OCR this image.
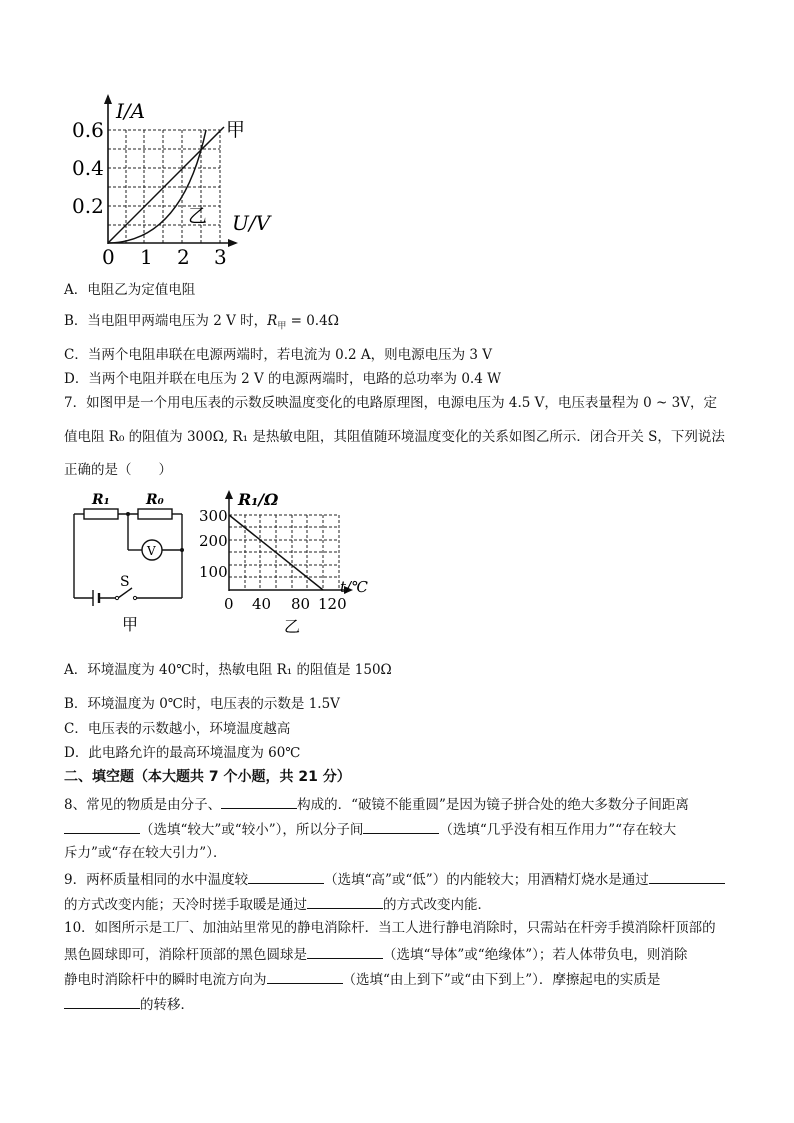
I/A
U/V
甲
乙
0.6
0.4
0.2
0 1 2 3
A．电阻乙为定值电阻
B．当电阻甲两端电压为 2 V 时，$R_甲 = 0.4\Omega$
C．当两个电阻串联在电源两端时，若电流为 0.2 A，则电源电压为 3 V
D．当两个电阻并联在电压为 2 V 的电源两端时，电路的总功率为 0.4 W
7．如图甲是一个用电压表的示数反映温度变化的电路原理图，电源电压为 4.5 V，电压表量程为 0 ~ 3V，定
值电阻 R₀ 的阻值为 300Ω, R₁ 是热敏电阻，其阻值随环境温度变化的关系如图乙所示．闭合开关 S，下列说法
正确的是（　　）
R₁	R₀
V
S
甲
R₁/Ω
t/℃
300
200
100
0 40 80 120
乙
A．环境温度为 40℃时，热敏电阻 R₁ 的阻值是 150Ω
B．环境温度为 0℃时，电压表的示数是 1.5V
C．电压表的示数越小，环境温度越高
D．此电路允许的最高环境温度为 60℃
二、填空题（本大题共 7 个小题，共 21 分）
8、常见的物质是由分子、	构成的．“破镜不能重圆”是因为镜子拼合处的绝大多数分子间距离
（选填“较大”或“较小”），所以分子间	（选填“几乎没有相互作用力”“存在较大
斥力”或“存在较大引力”）．
9．两杯质量相同的水中温度较	（选填“高”或“低”）的内能较大；用酒精灯烧水是通过
的方式改变内能；天冷时搓手取暖是通过	的方式改变内能．
10．如图所示是工厂、加油站里常见的静电消除杆．当工人进行静电消除时，只需站在杆旁手摸消除杆顶部的
黑色圆球即可，消除杆顶部的黑色圆球是	（选填“导体”或“绝缘体”）；若人体带负电，则消除
静电时消除杆中的瞬时电流方向为	（选填“由上到下”或“由下到上”）．摩擦起电的实质是
的转移．
